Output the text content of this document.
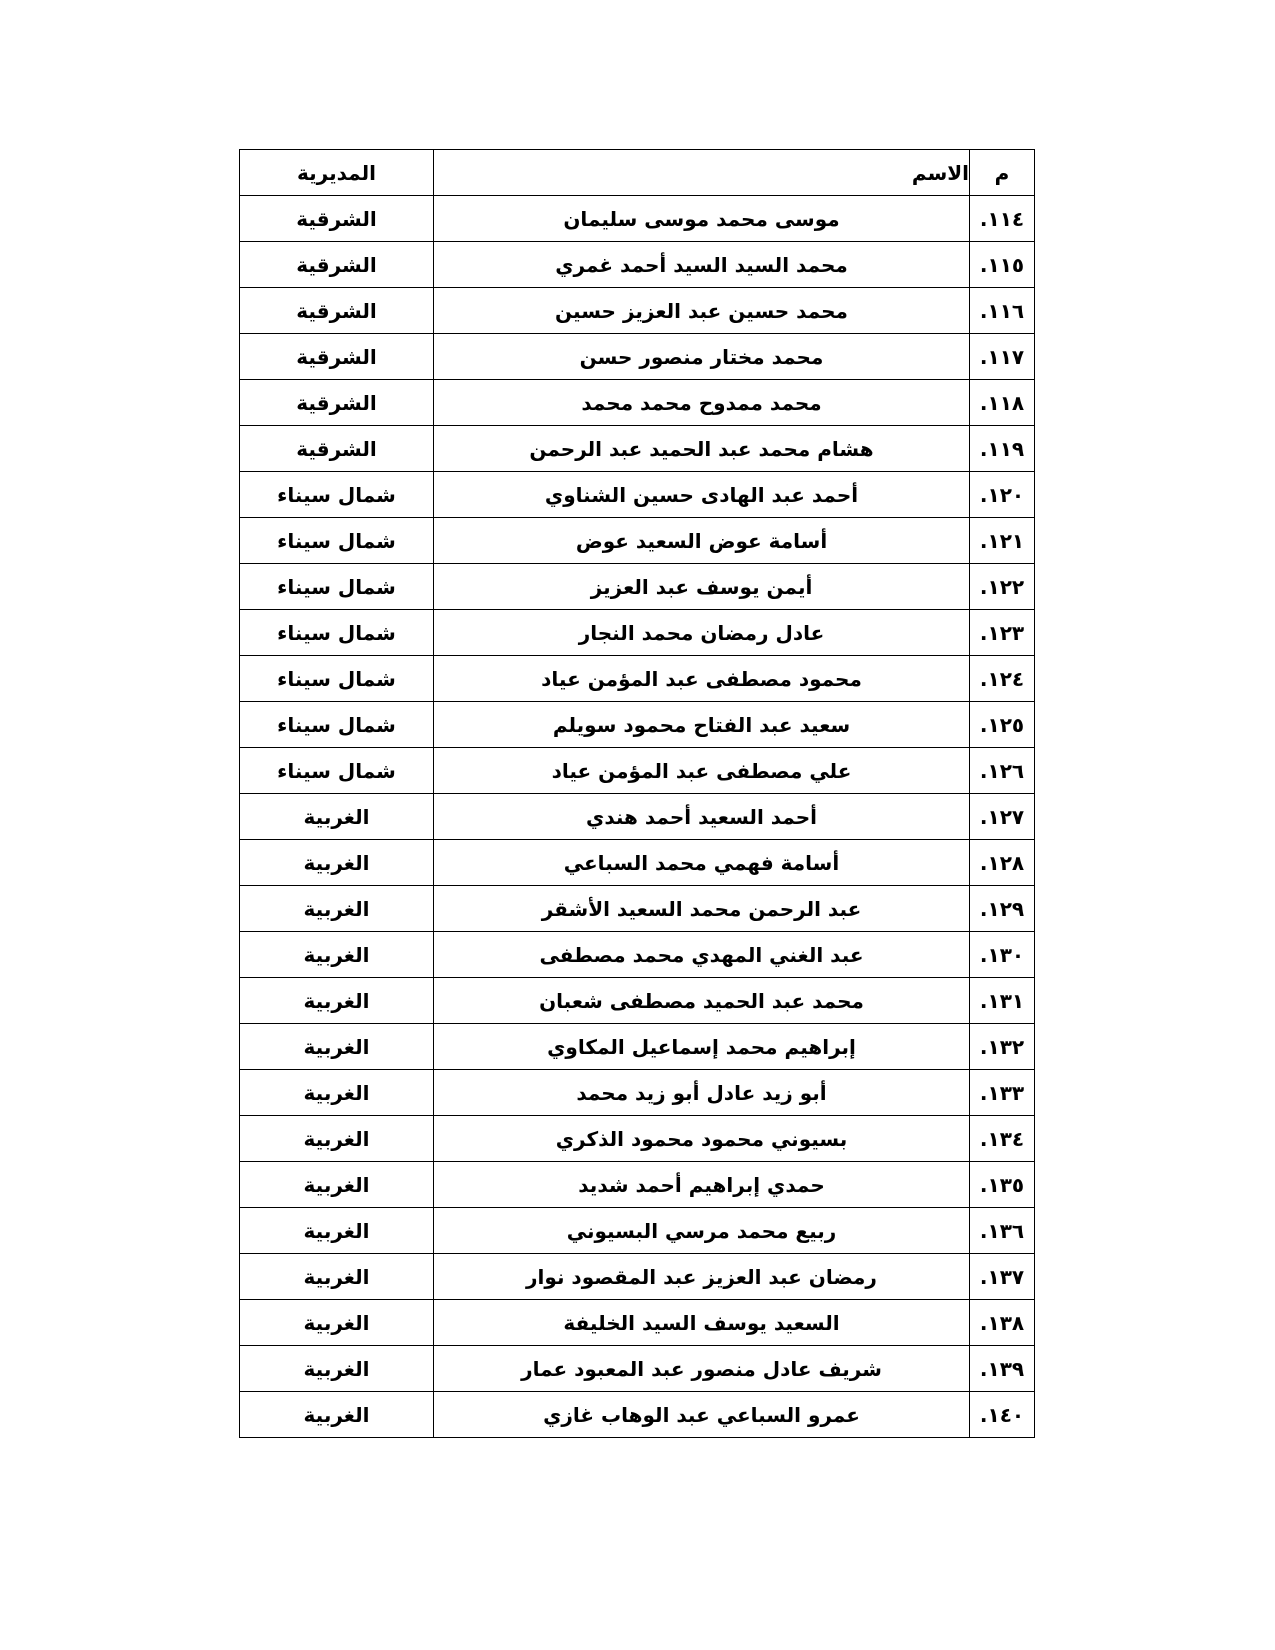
م	الاسم	المديرية
١١٤.	موسى محمد موسى سليمان	الشرقية
١١٥.	محمد السيد السيد أحمد غمري	الشرقية
١١٦.	محمد حسين عبد العزيز حسين	الشرقية
١١٧.	محمد مختار منصور حسن	الشرقية
١١٨.	محمد ممدوح محمد محمد	الشرقية
١١٩.	هشام محمد عبد الحميد عبد الرحمن	الشرقية
١٢٠.	أحمد عبد الهادى حسين الشناوي	شمال سيناء
١٢١.	أسامة عوض السعيد عوض	شمال سيناء
١٢٢.	أيمن يوسف عبد العزيز	شمال سيناء
١٢٣.	عادل رمضان محمد النجار	شمال سيناء
١٢٤.	محمود مصطفى عبد المؤمن عياد	شمال سيناء
١٢٥.	سعيد عبد الفتاح محمود سويلم	شمال سيناء
١٢٦.	علي مصطفى عبد المؤمن عياد	شمال سيناء
١٢٧.	أحمد السعيد أحمد هندي	الغربية
١٢٨.	أسامة فهمي محمد السباعي	الغربية
١٢٩.	عبد الرحمن محمد السعيد الأشقر	الغربية
١٣٠.	عبد الغني المهدي محمد مصطفى	الغربية
١٣١.	محمد عبد الحميد مصطفى شعبان	الغربية
١٣٢.	إبراهيم محمد إسماعيل المكاوي	الغربية
١٣٣.	أبو زيد عادل أبو زيد محمد	الغربية
١٣٤.	بسيوني محمود محمود الذكري	الغربية
١٣٥.	حمدي إبراهيم أحمد شديد	الغربية
١٣٦.	ربيع محمد مرسي البسيوني	الغربية
١٣٧.	رمضان عبد العزيز عبد المقصود نوار	الغربية
١٣٨.	السعيد يوسف السيد الخليفة	الغربية
١٣٩.	شريف عادل منصور عبد المعبود عمار	الغربية
١٤٠.	عمرو السباعي عبد الوهاب غازي	الغربية
